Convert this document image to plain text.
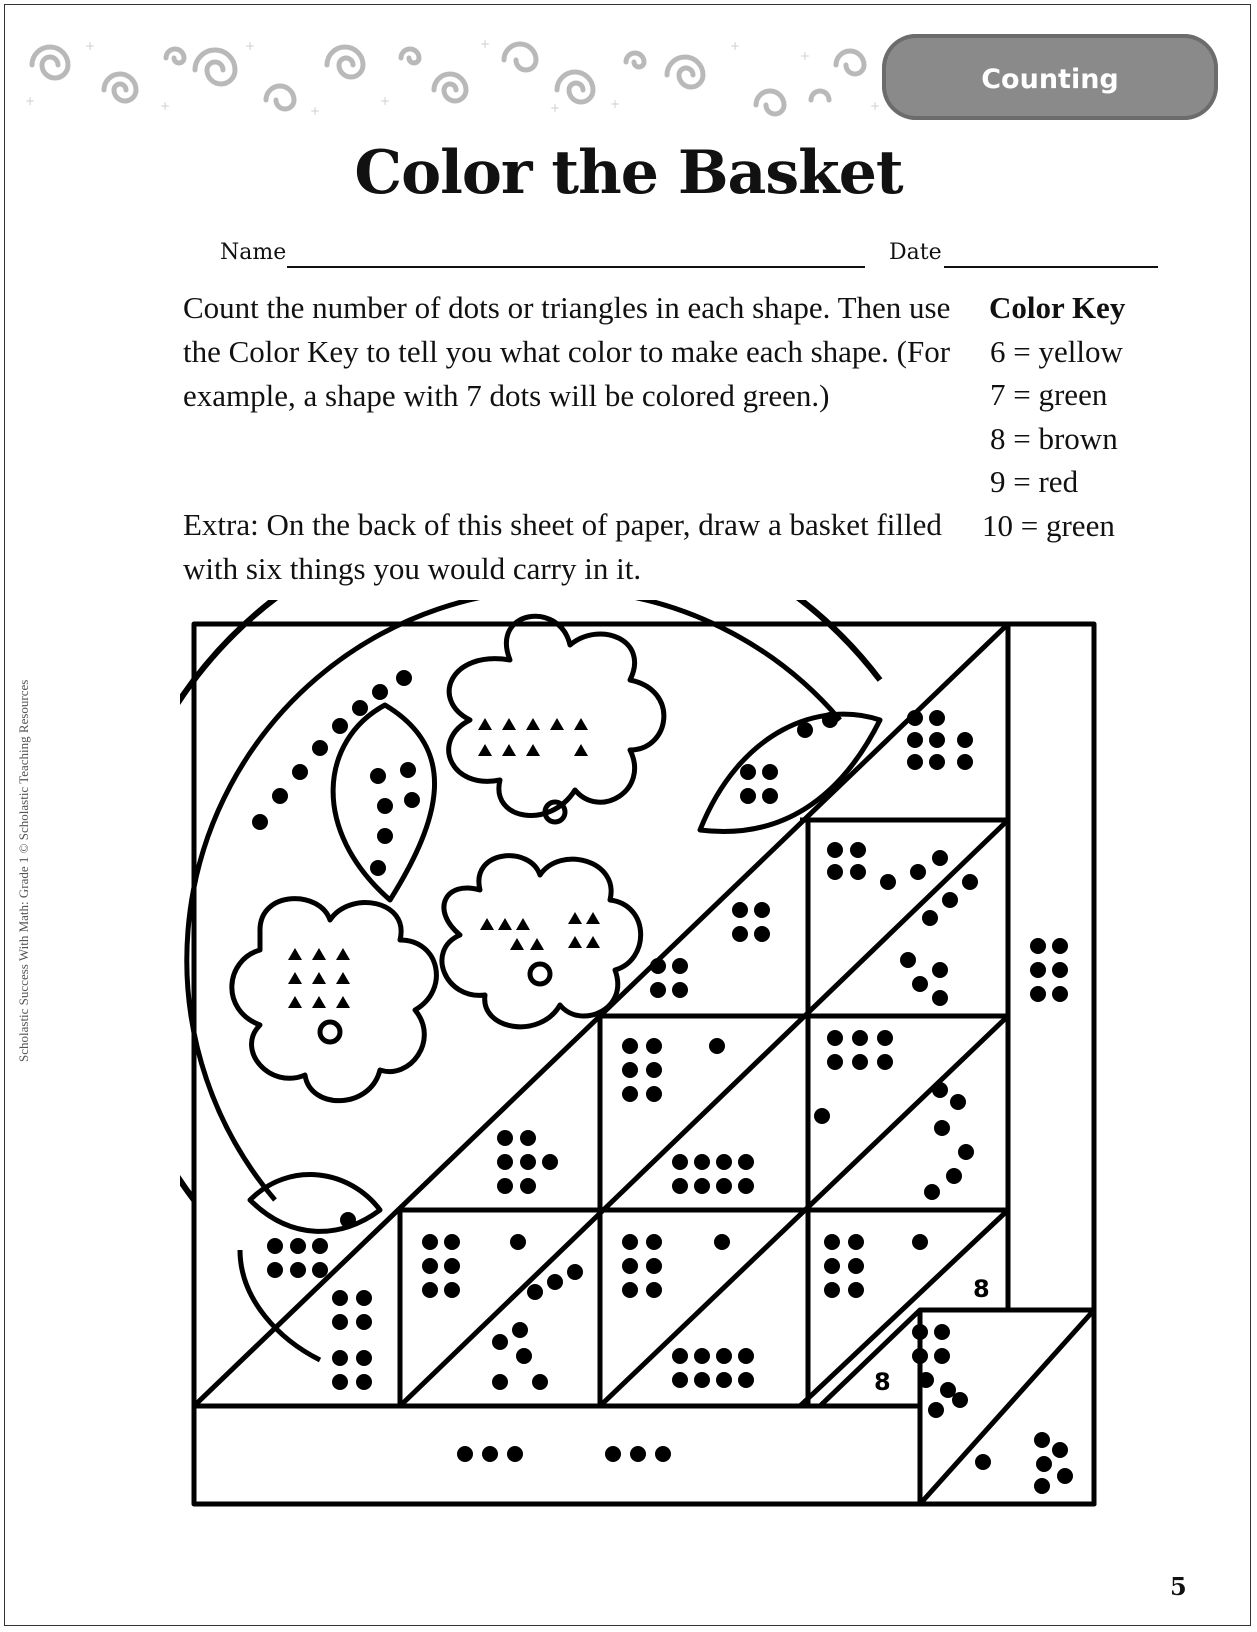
+
+
+
+
+
+
+
+	+
+
+
+
Counting
Color the Basket
Name	Date

Count the number of dots or triangles in each shape. Then use the Color Key to tell you what color to make each shape. (For example, a shape with 7 dots will be colored green.)

Extra: On the back of this sheet of paper, draw a basket filled with six things you would carry in it.
Color Key
6 = yellow
7 = green
8 = brown
9 = red
10 = green
Scholastic Success With Math: Grade 1 © Scholastic Teaching Resources
8
8
5
